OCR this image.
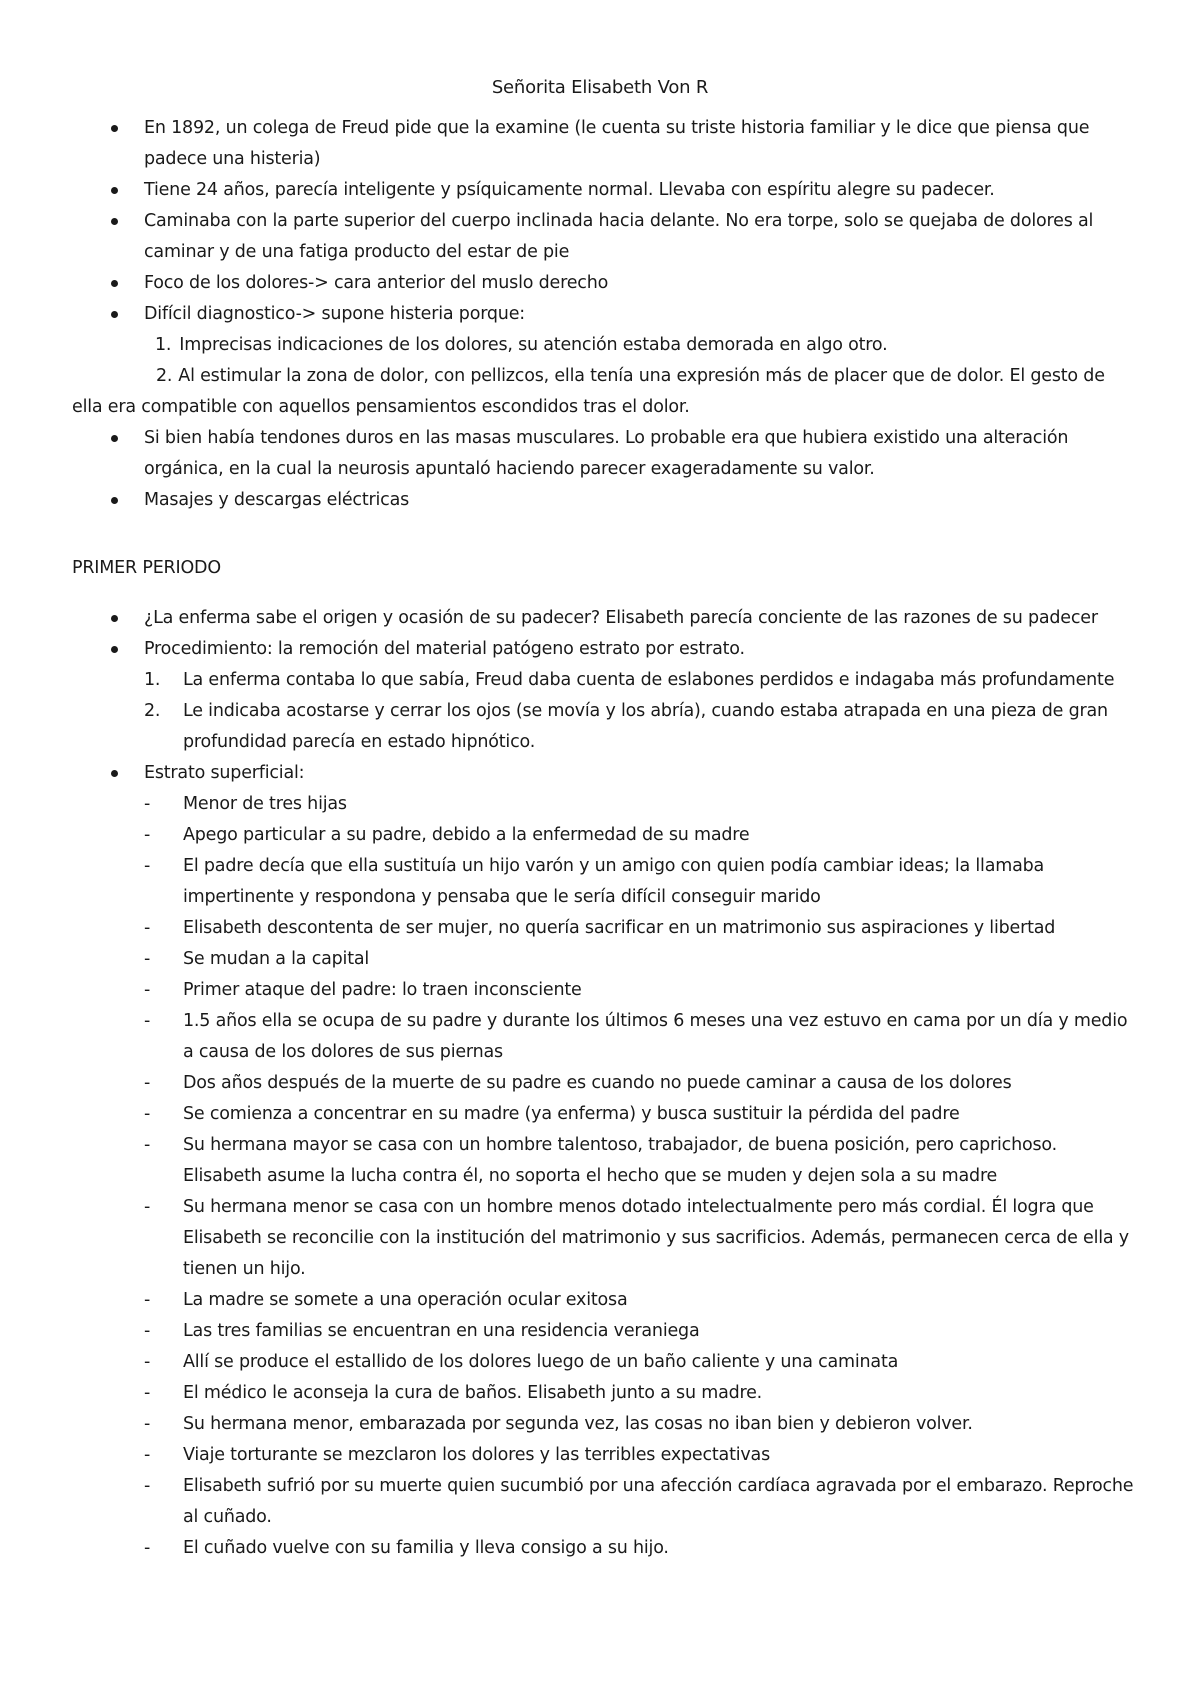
Señorita Elisabeth Von R
En 1892, un colega de Freud pide que la examine (le cuenta su triste historia familiar y le dice que piensa que padece una histeria)
Tiene 24 años, parecía inteligente y psíquicamente normal. Llevaba con espíritu alegre su padecer.
Caminaba con la parte superior del cuerpo inclinada hacia delante. No era torpe, solo se quejaba de dolores al caminar y de una fatiga producto del estar de pie
Foco de los dolores-> cara anterior del muslo derecho
Difícil diagnostico-> supone histeria porque:
1. Imprecisas indicaciones de los dolores, su atención estaba demorada en algo otro.
2. Al estimular la zona de dolor, con pellizcos, ella tenía una expresión más de placer que de dolor. El gesto de ella era compatible con aquellos pensamientos escondidos tras el dolor.
Si bien había tendones duros en las masas musculares. Lo probable era que hubiera existido una alteración orgánica, en la cual la neurosis apuntaló haciendo parecer exageradamente su valor.
Masajes y descargas eléctricas
PRIMER PERIODO
¿La enferma sabe el origen y ocasión de su padecer? Elisabeth parecía conciente de las razones de su padecer
Procedimiento: la remoción del material patógeno estrato por estrato.
1. La enferma contaba lo que sabía, Freud daba cuenta de eslabones perdidos e indagaba más profundamente
2. Le indicaba acostarse y cerrar los ojos (se movía y los abría), cuando estaba atrapada en una pieza de gran profundidad parecía en estado hipnótico.
Estrato superficial:
- Menor de tres hijas
- Apego particular a su padre, debido a la enfermedad de su madre
- El padre decía que ella sustituía un hijo varón y un amigo con quien podía cambiar ideas; la llamaba impertinente y respondona y pensaba que le sería difícil conseguir marido
- Elisabeth descontenta de ser mujer, no quería sacrificar en un matrimonio sus aspiraciones y libertad
- Se mudan a la capital
- Primer ataque del padre: lo traen inconsciente
- 1.5 años ella se ocupa de su padre y durante los últimos 6 meses una vez estuvo en cama por un día y medio a causa de los dolores de sus piernas
- Dos años después de la muerte de su padre es cuando no puede caminar a causa de los dolores
- Se comienza a concentrar en su madre (ya enferma) y busca sustituir la pérdida del padre
- Su hermana mayor se casa con un hombre talentoso, trabajador, de buena posición, pero caprichoso. Elisabeth asume la lucha contra él, no soporta el hecho que se muden y dejen sola a su madre
- Su hermana menor se casa con un hombre menos dotado intelectualmente pero más cordial. Él logra que Elisabeth se reconcilie con la institución del matrimonio y sus sacrificios. Además, permanecen cerca de ella y tienen un hijo.
- La madre se somete a una operación ocular exitosa
- Las tres familias se encuentran en una residencia veraniega
- Allí se produce el estallido de los dolores luego de un baño caliente y una caminata
- El médico le aconseja la cura de baños. Elisabeth junto a su madre.
- Su hermana menor, embarazada por segunda vez, las cosas no iban bien y debieron volver.
- Viaje torturante se mezclaron los dolores y las terribles expectativas
- Elisabeth sufrió por su muerte quien sucumbió por una afección cardíaca agravada por el embarazo. Reproche al cuñado.
- El cuñado vuelve con su familia y lleva consigo a su hijo.
